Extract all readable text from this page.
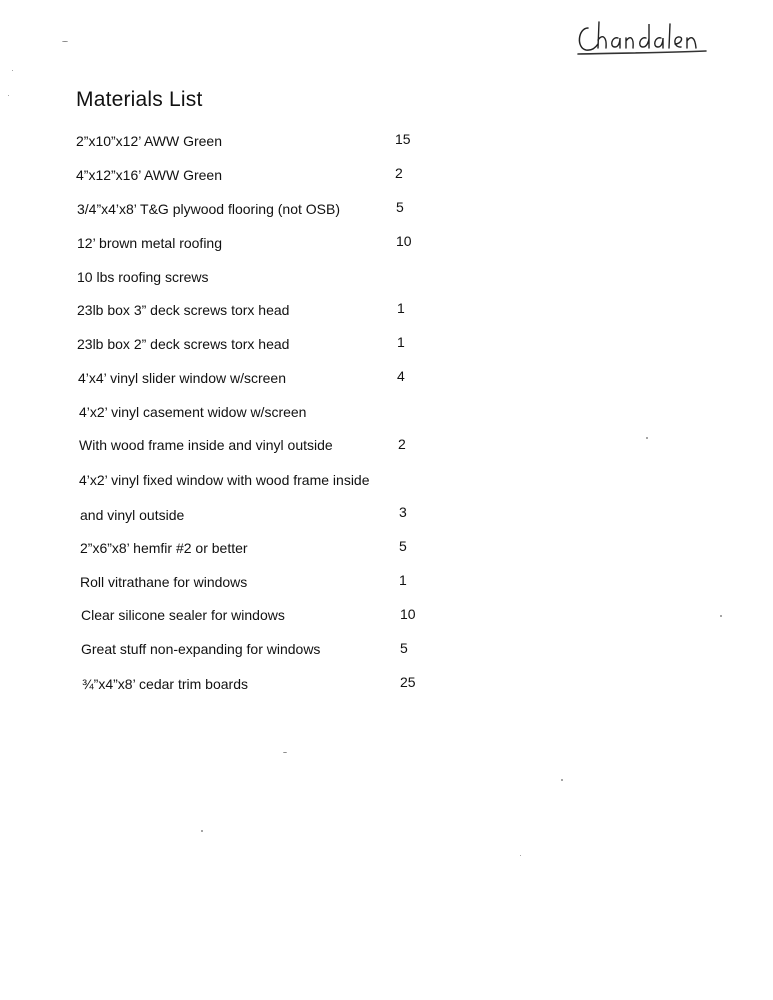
Materials List
2”x10”x12’ AWW Green	15
4”x12”x16’ AWW Green	2
3/4”x4’x8’ T&G plywood flooring (not OSB)	5
12’ brown metal roofing	10
10 lbs roofing screws
23lb box 3” deck screws torx head	1
23lb box 2” deck screws torx head	1
4’x4’ vinyl slider window w/screen	4
4’x2’ vinyl casement widow w/screen
With wood frame inside and vinyl outside	2
4’x2’ vinyl fixed window with wood frame inside
and vinyl outside	3
2”x6”x8’ hemfir #2 or better	5
Roll vitrathane for windows	1
Clear silicone sealer for windows	10
Great stuff non-expanding for windows	5
¾”x4”x8’ cedar trim boards	25
